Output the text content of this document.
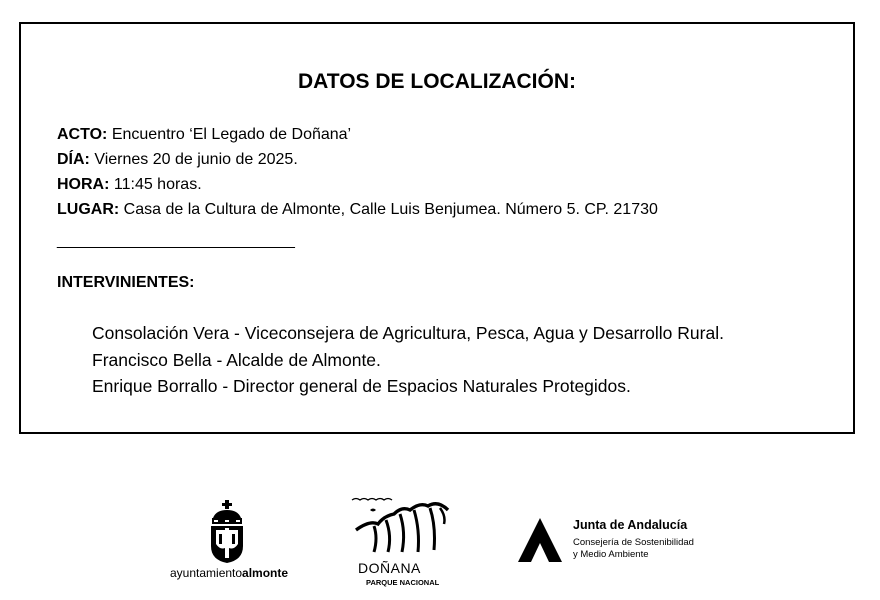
DATOS DE LOCALIZACIÓN:
ACTO: Encuentro ‘El Legado de Doñana’
DÍA: Viernes 20 de junio de 2025.
HORA: 11:45 horas.
LUGAR: Casa de la Cultura de Almonte, Calle Luis Benjumea. Número 5. CP. 21730
______________________________
INTERVINIENTES:
Consolación Vera - Viceconsejera de Agricultura, Pesca, Agua y Desarrollo Rural.
Francisco Bella - Alcalde de Almonte.
Enrique Borrallo - Director general de Espacios Naturales Protegidos.
ayuntamientoalmonte	DOÑANA
PARQUE NACIONAL
Junta de Andalucía
Consejería de Sostenibilidad
y Medio Ambiente
